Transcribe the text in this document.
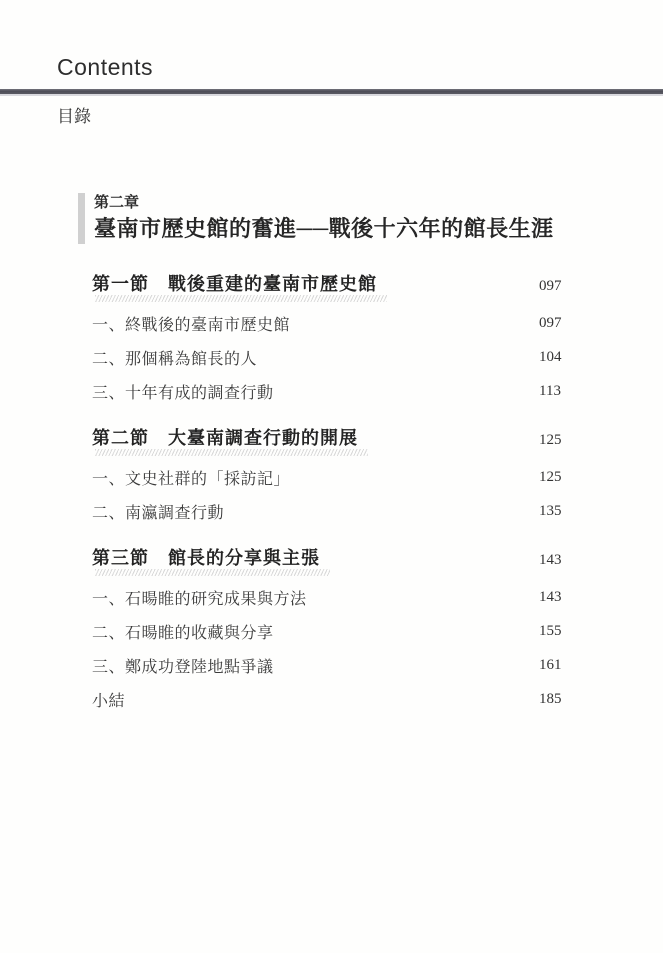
Contents
目錄
第二章
臺南市歷史館的奮進──戰後十六年的館長生涯
第一節　戰後重建的臺南市歷史館	097
一、終戰後的臺南市歷史館	097
二、那個稱為館長的人	104
三、十年有成的調查行動	113
第二節　大臺南調查行動的開展	125
一、文史社群的「採訪記」	125
二、南瀛調查行動	135
第三節　館長的分享與主張	143
一、石暘睢的研究成果與方法	143
二、石暘睢的收藏與分享	155
三、鄭成功登陸地點爭議	161
小結	185
